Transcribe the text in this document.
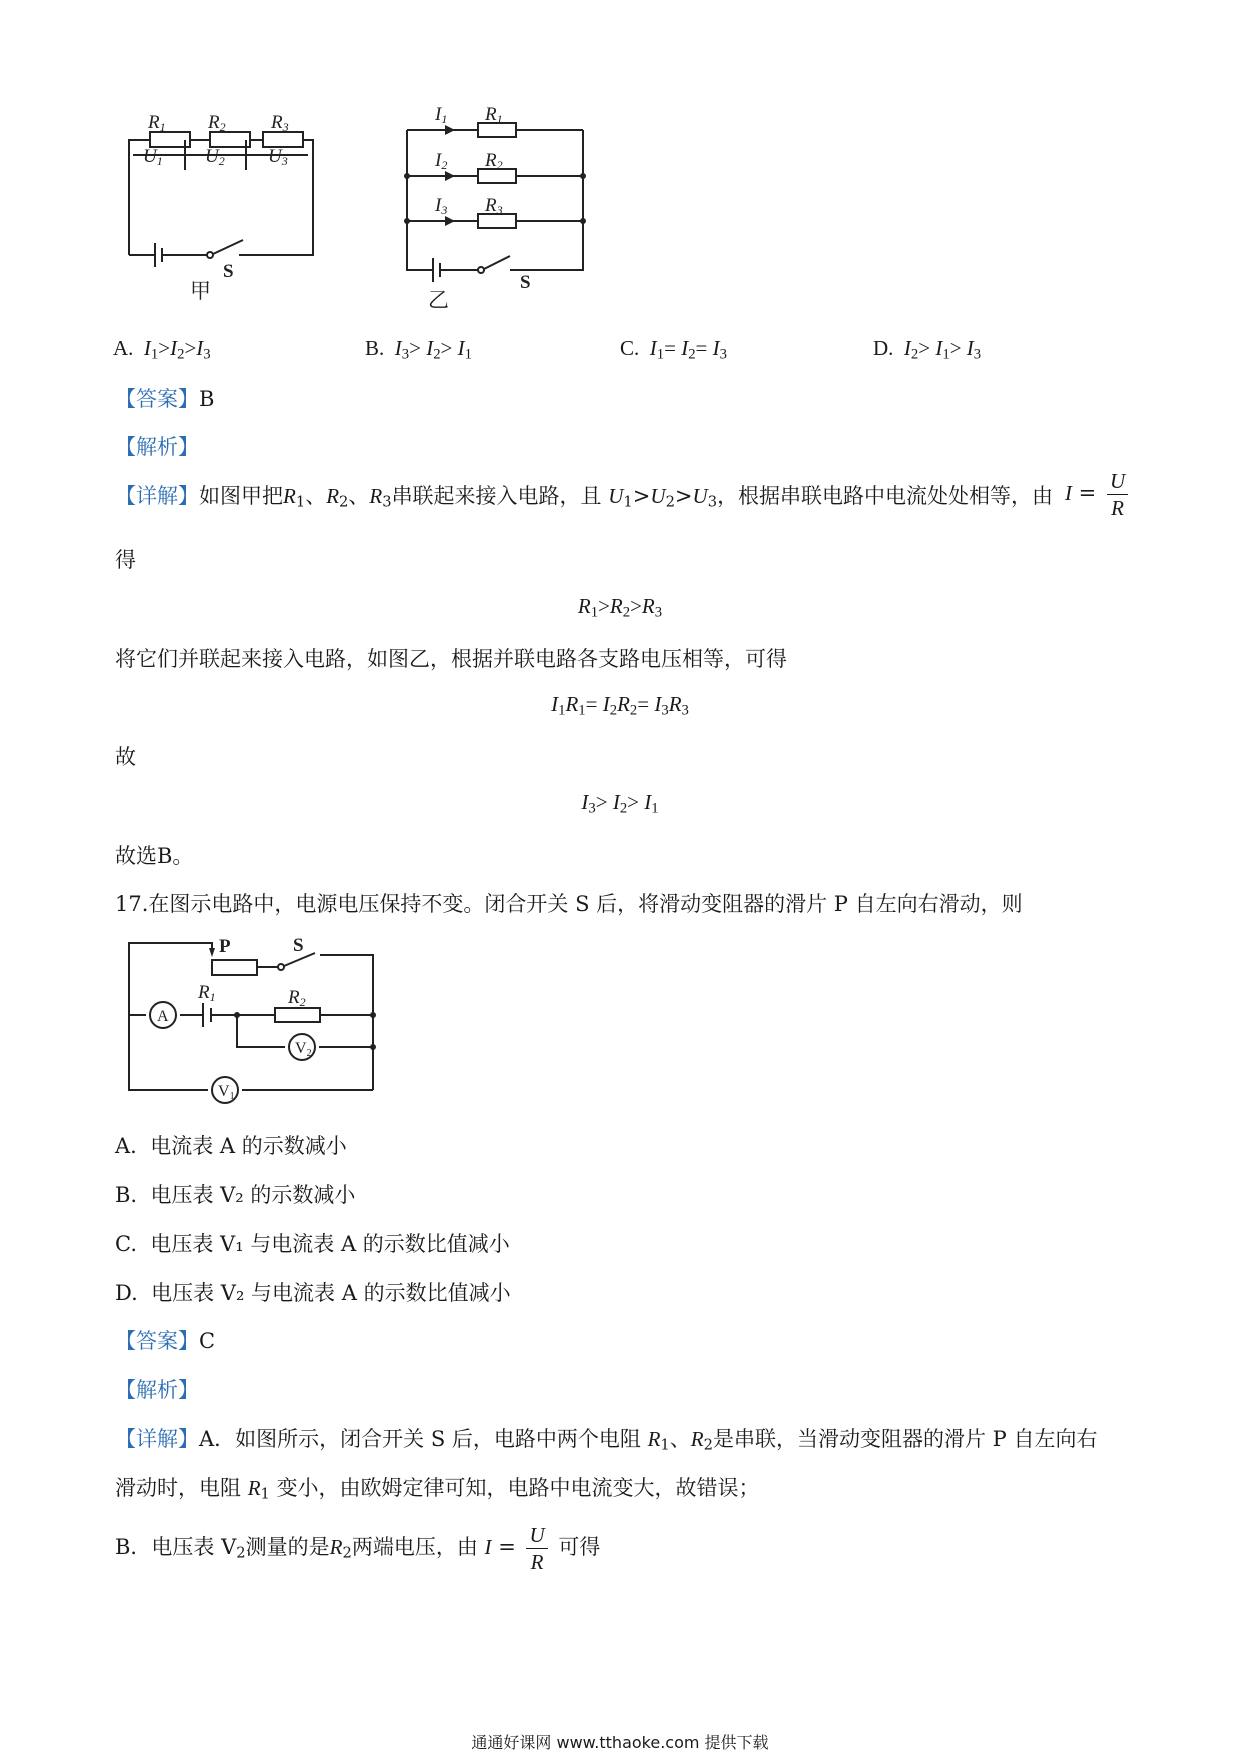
R1 R2 R3
U1 U2 U3
S
甲
I1 R1
I2 R2
I3 R3
S
乙
A. $I_1>I_2>I_3$	B. $I_3> I_2> I_1$	C. $I_1= I_2= I_3$	D. $I_2> I_1> I_3$
【答案】B
【解析】
【详解】如图甲把$R_1$、$R_2$、$R_3$串联起来接入电路，且 $U_1>U_2>U_3$，根据串联电路中电流处处相等，由 $I = \frac{U}{R}$
得
$R_1>R_2>R_3$
将它们并联起来接入电路，如图乙，根据并联电路各支路电压相等，可得
$I_1R_1= I_2R_2= I_3R_3$
故
$I_3> I_2> I_1$
故选B。
17.在图示电路中，电源电压保持不变。闭合开关 S 后，将滑动变阻器的滑片 P 自左向右滑动，则
P	S
R1	R2
A
V2
V1
A. 电流表 A 的示数减小
B. 电压表 V₂ 的示数减小
C. 电压表 V₁ 与电流表 A 的示数比值减小
D. 电压表 V₂ 与电流表 A 的示数比值减小
【答案】C
【解析】
【详解】A．如图所示，闭合开关 S 后，电路中两个电阻 $R_1$、$R_2$是串联，当滑动变阻器的滑片 P 自左向右
滑动时，电阻 $R_1$ 变小，由欧姆定律可知，电路中电流变大，故错误；
B．电压表 $V_2$测量的是$R_2$两端电压，由 $I = \frac{U}{R}$ 可得
通通好课网 www.tthaoke.com 提供下载
